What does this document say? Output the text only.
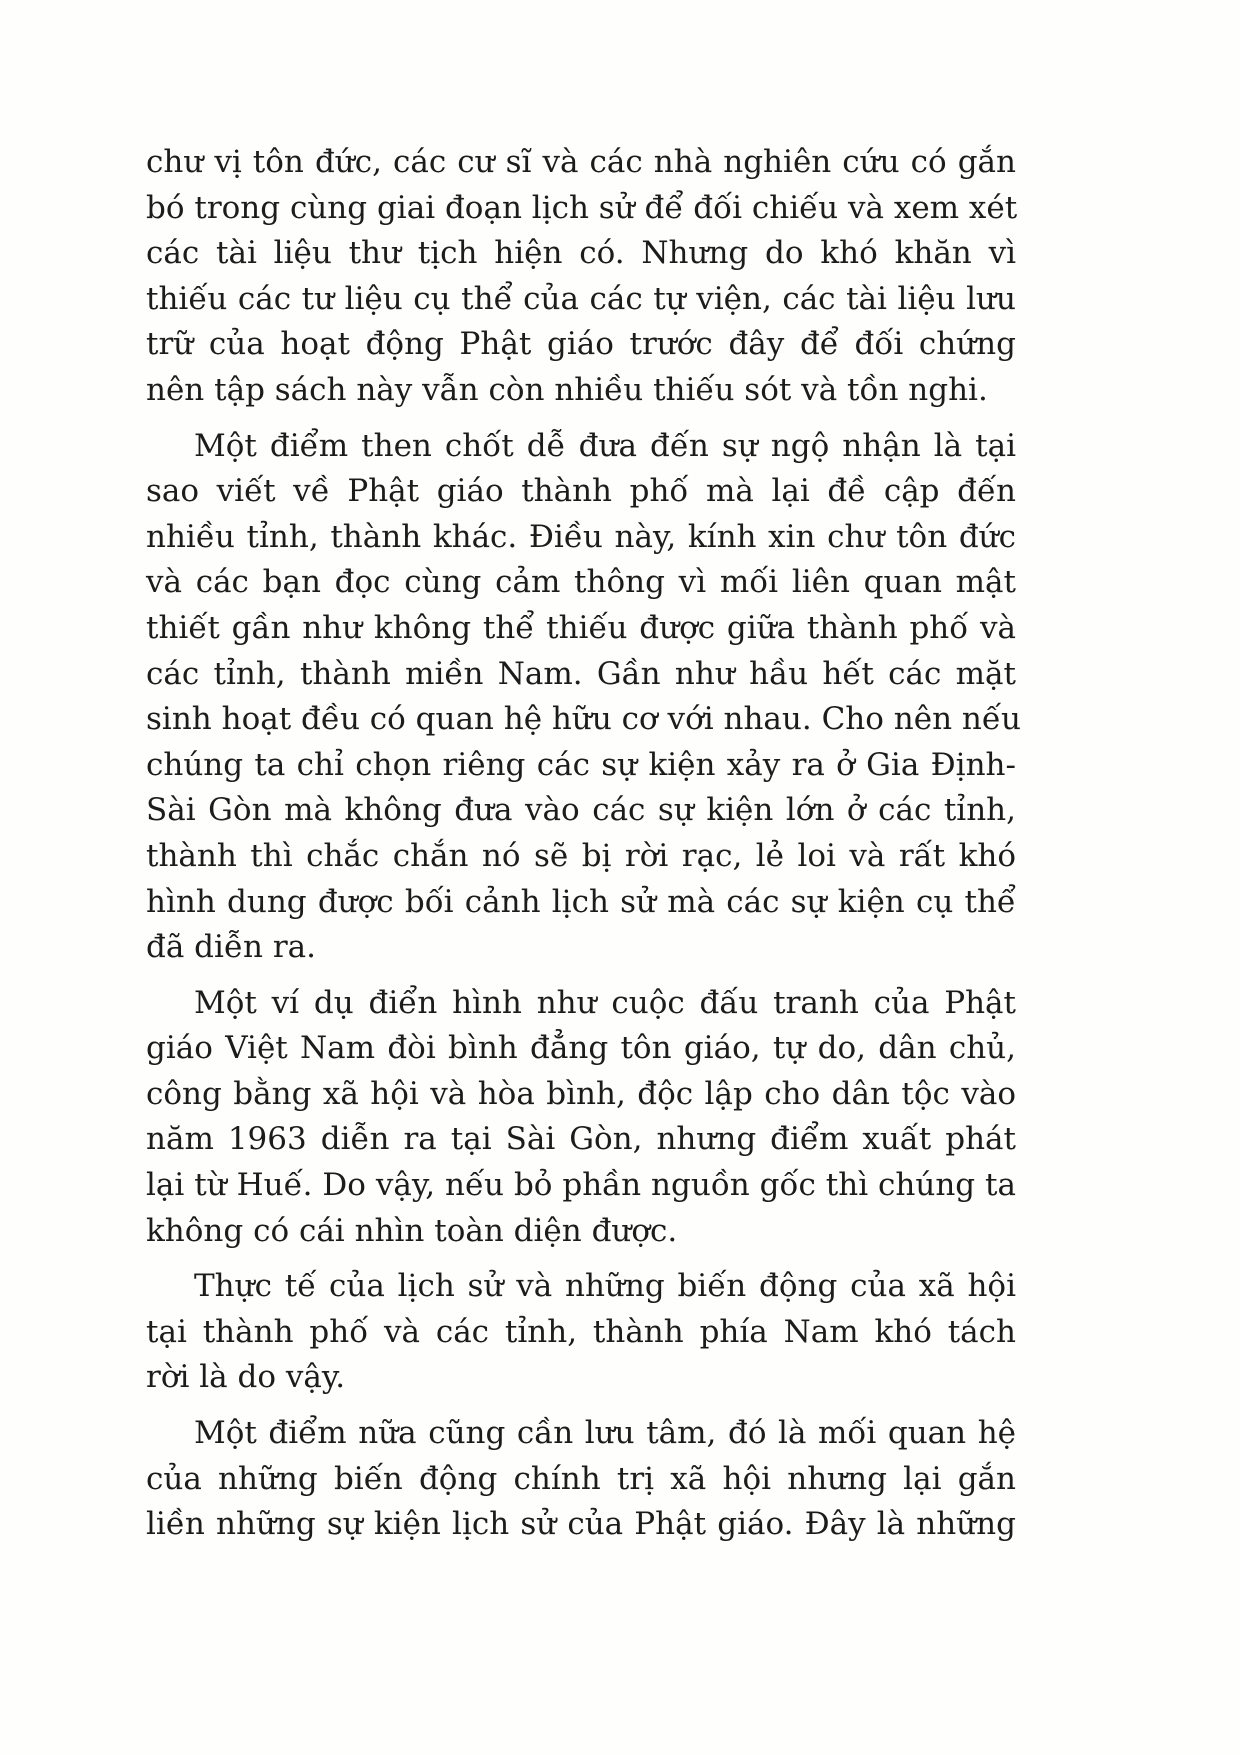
chư vị tôn đức, các cư sĩ và các nhà nghiên cứu có gắn
bó trong cùng giai đoạn lịch sử để đối chiếu và xem xét
các tài liệu thư tịch hiện có. Nhưng do khó khăn vì
thiếu các tư liệu cụ thể của các tự viện, các tài liệu lưu
trữ của hoạt động Phật giáo trước đây để đối chứng
nên tập sách này vẫn còn nhiều thiếu sót và tồn nghi.
Một điểm then chốt dễ đưa đến sự ngộ nhận là tại
sao viết về Phật giáo thành phố mà lại đề cập đến
nhiều tỉnh, thành khác. Điều này, kính xin chư tôn đức
và các bạn đọc cùng cảm thông vì mối liên quan mật
thiết gần như không thể thiếu được giữa thành phố và
các tỉnh, thành miền Nam. Gần như hầu hết các mặt
sinh hoạt đều có quan hệ hữu cơ với nhau. Cho nên nếu
chúng ta chỉ chọn riêng các sự kiện xảy ra ở Gia Định-
Sài Gòn mà không đưa vào các sự kiện lớn ở các tỉnh,
thành thì chắc chắn nó sẽ bị rời rạc, lẻ loi và rất khó
hình dung được bối cảnh lịch sử mà các sự kiện cụ thể
đã diễn ra.
Một ví dụ điển hình như cuộc đấu tranh của Phật
giáo Việt Nam đòi bình đẳng tôn giáo, tự do, dân chủ,
công bằng xã hội và hòa bình, độc lập cho dân tộc vào
năm 1963 diễn ra tại Sài Gòn, nhưng điểm xuất phát
lại từ Huế. Do vậy, nếu bỏ phần nguồn gốc thì chúng ta
không có cái nhìn toàn diện được.
Thực tế của lịch sử và những biến động của xã hội
tại thành phố và các tỉnh, thành phía Nam khó tách
rời là do vậy.
Một điểm nữa cũng cần lưu tâm, đó là mối quan hệ
của những biến động chính trị xã hội nhưng lại gắn
liền những sự kiện lịch sử của Phật giáo. Đây là những
